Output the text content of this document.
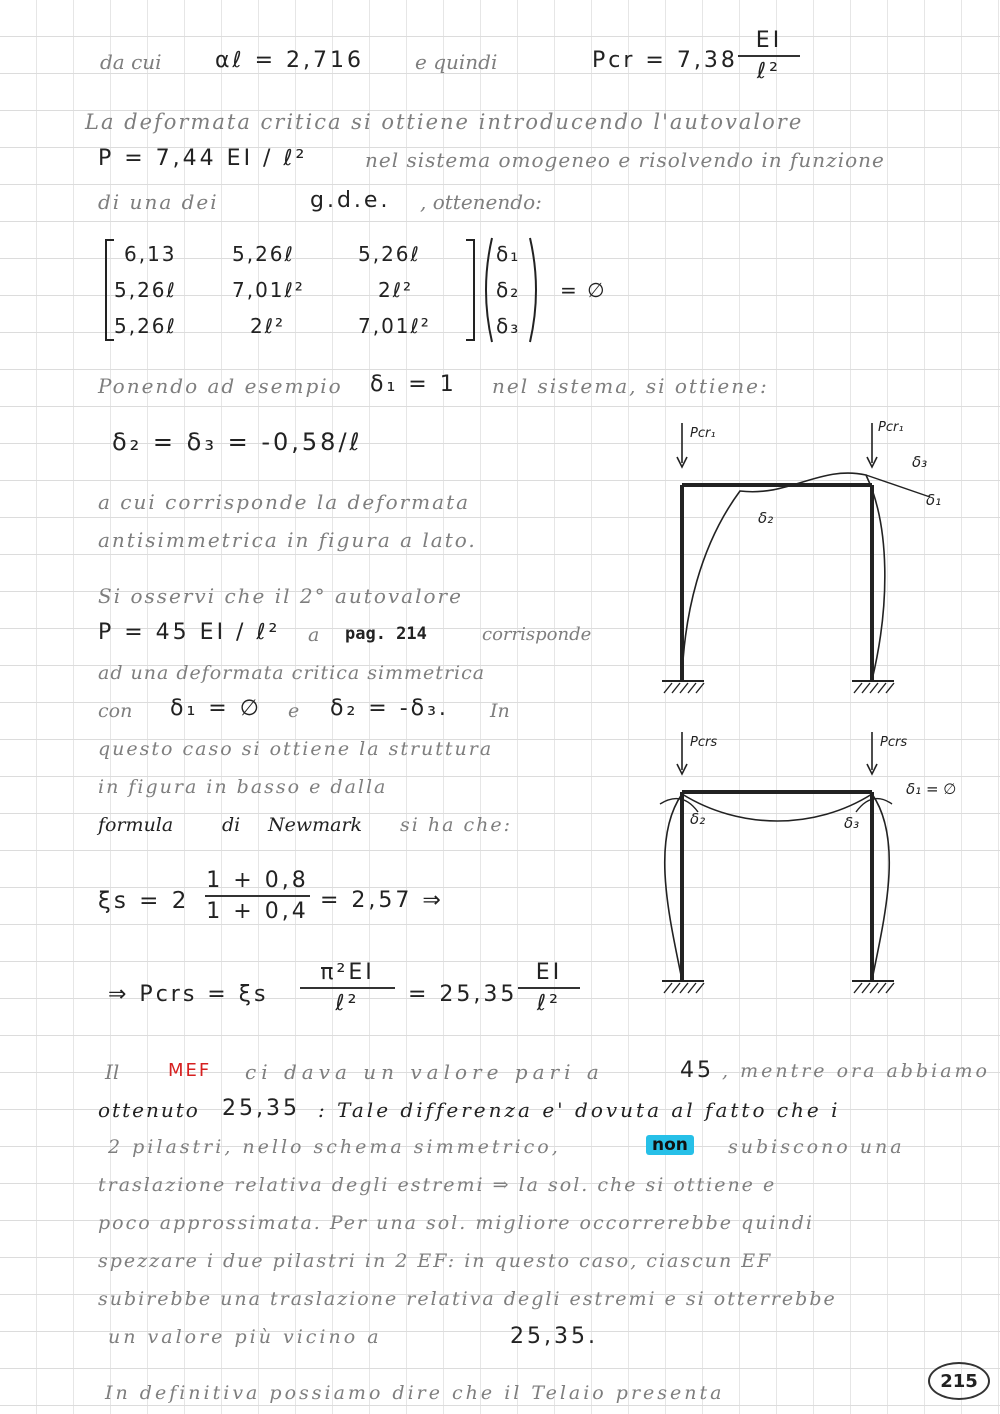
da cui αℓ = 2,716	e quindi	Pcr = 7,38
EI
ℓ²
La deformata critica si ottiene introducendo l'autovalore
P = 7,44 EI / ℓ²	nel sistema omogeneo e risolvendo in funzione
di una dei	g.d.e. , ottenendo:
6,13	5,26ℓ	5,26ℓ
5,26ℓ	7,01ℓ²	2ℓ²
5,26ℓ	2ℓ²	7,01ℓ²
δ₁
δ₂
δ₃
= ∅
Ponendo ad esempio δ₁ = 1 nel sistema, si ottiene:
δ₂ = δ₃ = -0,58/ℓ
a cui corrisponde la deformata
antisimmetrica in figura a lato.
Si osservi che il 2° autovalore
P = 45 EI / ℓ² a pag. 214	corrisponde
ad una deformata critica simmetrica
con δ₁ = ∅ e δ₂ = -δ₃. In
questo caso si ottiene la struttura
in figura in basso e dalla
formula	di Newmark si ha che:
ξs = 2
1 + 0,8
1 + 0,4 = 2,57 ⇒
⇒ Pcrs = ξs
π²EI
ℓ²	= 25,35
EI
ℓ²
Il	MEF ci dava un valore pari a	45 , mentre ora abbiamo
ottenuto 25,35 : Tale differenza e' dovuta al fatto che i
2 pilastri, nello schema simmetrico,	non	subiscono una
traslazione relativa degli estremi ⇒ la sol. che si ottiene e
poco approssimata. Per una sol. migliore occorrerebbe quindi
spezzare i due pilastri in 2 EF: in questo caso, ciascun EF
subirebbe una traslazione relativa degli estremi e si otterrebbe
un valore più vicino a	25,35.
In definitiva possiamo dire che il Telaio presenta
Pcr₁	Pcr₁
δ₂
δ₃
δ₁
Pcrs	Pcrs
δ₁ = ∅
δ₂	δ₃
215
